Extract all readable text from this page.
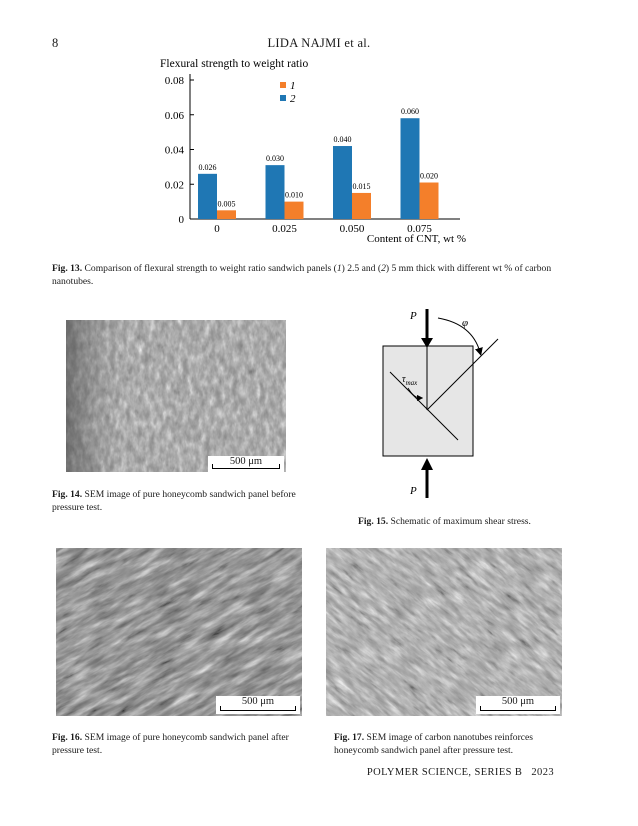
8	LIDA NAJMI et al.
Flexural strength to weight ratio
0
0.02
0.04
0.06
0.08
0.026
0.005
0
0.030
0.010
0.025
0.040
0.015
0.050
0.060
0.020
0.075
1
2
Content of CNT, wt %
Fig. 13. Comparison of flexural strength to weight ratio sandwich panels (1) 2.5 and (2) 5 mm thick with different wt % of carbon nanotubes.
500 μm
Fig. 14. SEM image of pure honeycomb sandwich panel before pressure test.
P
P
φ
$\tau_{max}$
Fig. 15. Schematic of maximum shear stress.
500 μm
Fig. 16. SEM image of pure honeycomb sandwich panel after pressure test.
500 μm
Fig. 17. SEM image of carbon nanotubes reinforces honeycomb sandwich panel after pressure test.
POLYMER SCIENCE, SERIES B 2023
